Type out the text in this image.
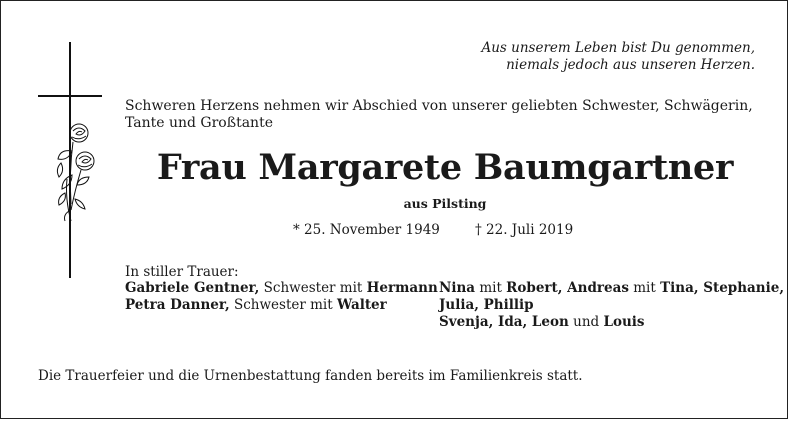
Aus unserem Leben bist Du genommen,
niemals jedoch aus unseren Herzen.
Schweren Herzens nehmen wir Abschied von unserer geliebten Schwester, Schwägerin,
Tante und Großtante
Frau Margarete Baumgartner
aus Pilsting
* 25. November 1949	† 22. Juli 2019
In stiller Trauer:
Gabriele Gentner, Schwester mit Hermann
Petra Danner, Schwester mit Walter
Nina mit Robert, Andreas mit Tina, Stephanie,
Julia, Phillip
Svenja, Ida, Leon und Louis
Die Trauerfeier und die Urnenbestattung fanden bereits im Familienkreis statt.
